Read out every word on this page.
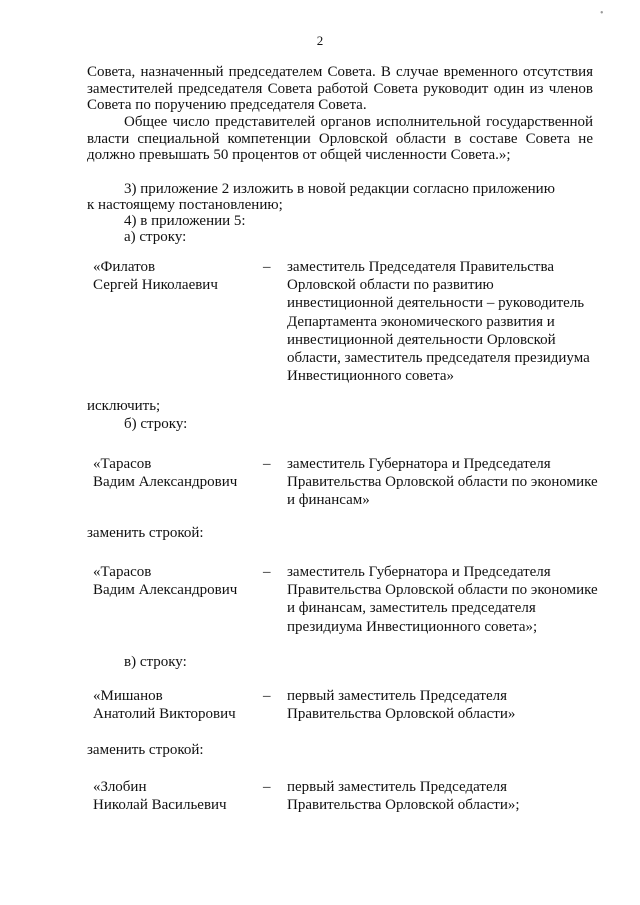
2
•
Совета, назначенный председателем Совета. В случае временного отсутствия заместителей председателя Совета работой Совета руководит один из членов Совета по поручению председателя Совета.
Общее число представителей органов исполнительной государственной власти специальной компетенции Орловской области в составе Совета не должно превышать 50 процентов от общей численности Совета.»;
3) приложение 2 изложить в новой редакции согласно приложению
к настоящему постановлению;
4) в приложении 5:
а) строку:
«Филатов
Сергей Николаевич
– заместитель Председателя Правительства Орловской области по развитию инвестиционной деятельности – руководитель Департамента экономического развития и инвестиционной деятельности Орловской области, заместитель председателя президиума Инвестиционного совета»
исключить;
б) строку:
«Тарасов
Вадим Александрович
– заместитель Губернатора и Председателя Правительства Орловской области по экономике и финансам»
заменить строкой:
«Тарасов
Вадим Александрович
– заместитель Губернатора и Председателя Правительства Орловской области по экономике и финансам, заместитель председателя президиума Инвестиционного совета»;
в) строку:
«Мишанов
Анатолий Викторович
– первый заместитель Председателя Правительства Орловской области»
заменить строкой:
«Злобин
Николай Васильевич
– первый заместитель Председателя Правительства Орловской области»;
